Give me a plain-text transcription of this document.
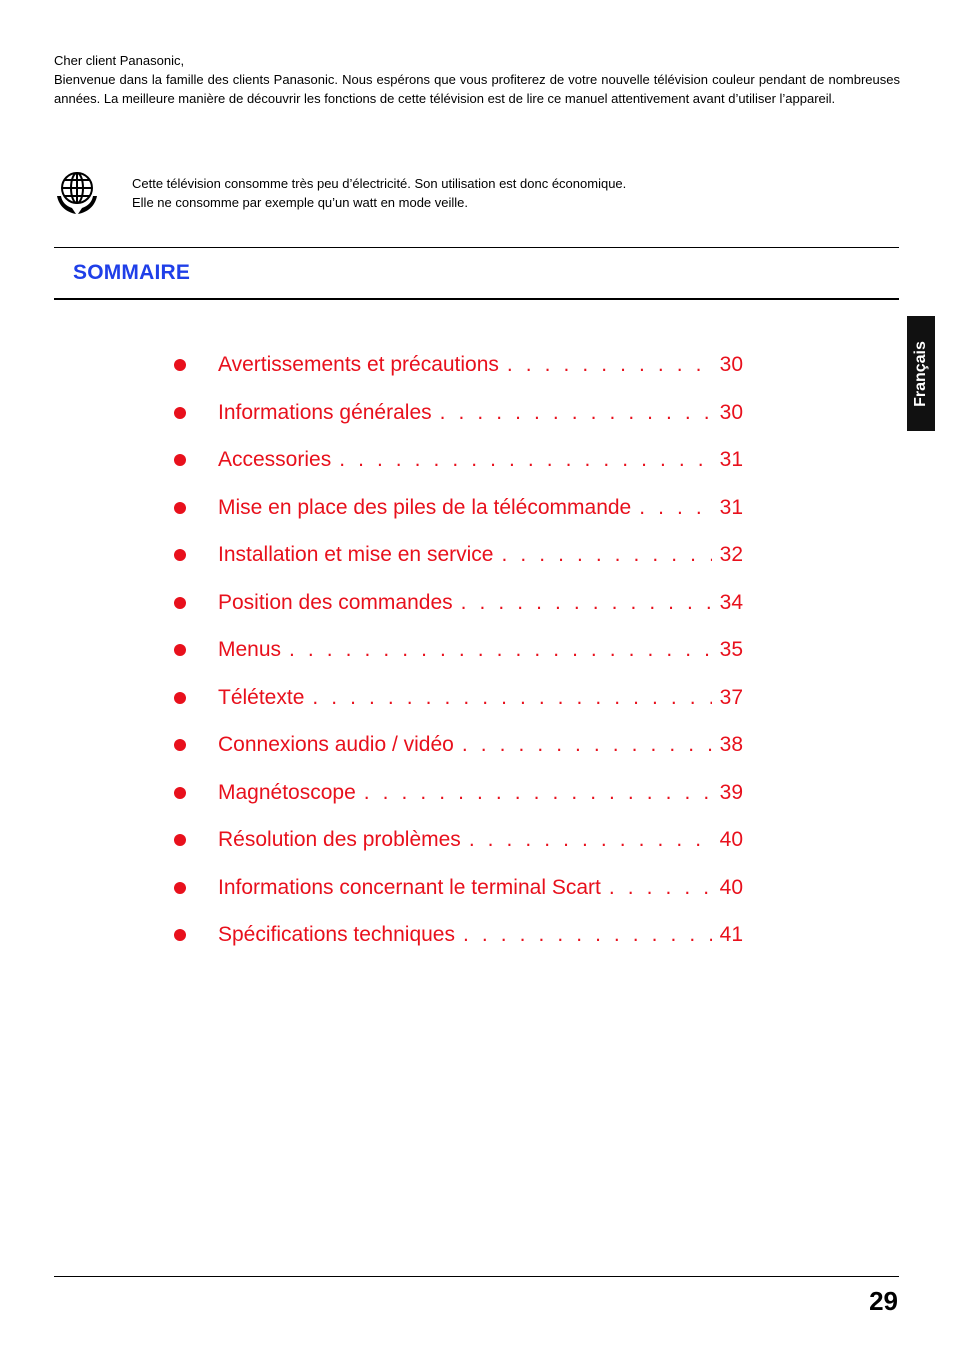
Cher client Panasonic,

Bienvenue dans la famille des clients Panasonic. Nous espérons que vous profiterez de votre nouvelle télévision couleur pendant de nombreuses années. La meilleure manière de découvrir les fonctions de cette télévision est de lire ce manuel attentivement avant d’utiliser l’appareil.

Cette télévision consomme très peu d’électricité. Son utilisation est donc économique.

Elle ne consomme par exemple qu’un watt en mode veille.

SOMMAIRE
Français
Avertissements et précautions . . .	30
Informations générales . . .	30
Accessories . . .	31
Mise en place des piles de la télécommande . . .	31
Installation et mise en service . . .	32
Position des commandes . . .	34
Menus . . .	35
Télétexte . . .	37
Connexions audio / vidéo . . .	38
Magnétoscope . . .	39
Résolution des problèmes . . .	40
Informations concernant le terminal Scart . . .	40
Spécifications techniques . . .	41
29
